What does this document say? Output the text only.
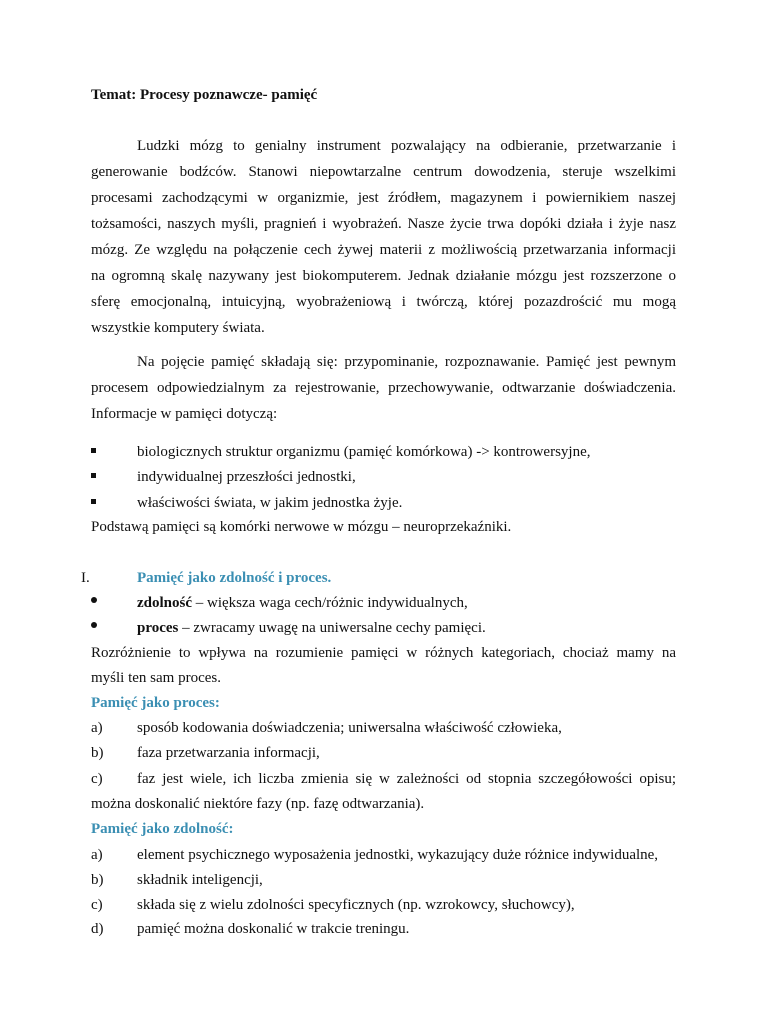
Temat: Procesy poznawcze- pamięć
Ludzki mózg to genialny instrument pozwalający na odbieranie, przetwarzanie i
generowanie bodźców. Stanowi niepowtarzalne centrum dowodzenia, steruje wszelkimi
procesami zachodzącymi w organizmie, jest źródłem, magazynem i powiernikiem naszej
tożsamości, naszych myśli, pragnień i wyobrażeń. Nasze życie trwa dopóki działa i żyje nasz
mózg. Ze względu na połączenie cech żywej materii z możliwością przetwarzania informacji
na ogromną skalę nazywany jest biokomputerem. Jednak działanie mózgu jest rozszerzone o
sferę emocjonalną, intuicyjną, wyobrażeniową i twórczą, której pozazdrościć mu mogą
wszystkie komputery świata.
Na pojęcie pamięć składają się: przypominanie, rozpoznawanie. Pamięć jest pewnym
procesem odpowiedzialnym za rejestrowanie, przechowywanie, odtwarzanie doświadczenia.
Informacje w pamięci dotyczą:
biologicznych struktur organizmu (pamięć komórkowa) -> kontrowersyjne,
indywidualnej przeszłości jednostki,
właściwości świata, w jakim jednostka żyje.
Podstawą pamięci są komórki nerwowe w mózgu – neuroprzekaźniki.
I.	Pamięć jako zdolność i proces.
zdolność – większa waga cech/różnic indywidualnych,
proces – zwracamy uwagę na uniwersalne cechy pamięci.
Rozróżnienie to wpływa na rozumienie pamięci w różnych kategoriach, chociaż mamy na
myśli ten sam proces.
Pamięć jako proces:
a) sposób kodowania doświadczenia; uniwersalna właściwość człowieka,
b) faza przetwarzania informacji,
c) faz jest wiele, ich liczba zmienia się w zależności od stopnia szczegółowości opisu;
można doskonalić niektóre fazy (np. fazę odtwarzania).
Pamięć jako zdolność:
a) element psychicznego wyposażenia jednostki, wykazujący duże różnice indywidualne,
b) składnik inteligencji,
c) składa się z wielu zdolności specyficznych (np. wzrokowcy, słuchowcy),
d) pamięć można doskonalić w trakcie treningu.
